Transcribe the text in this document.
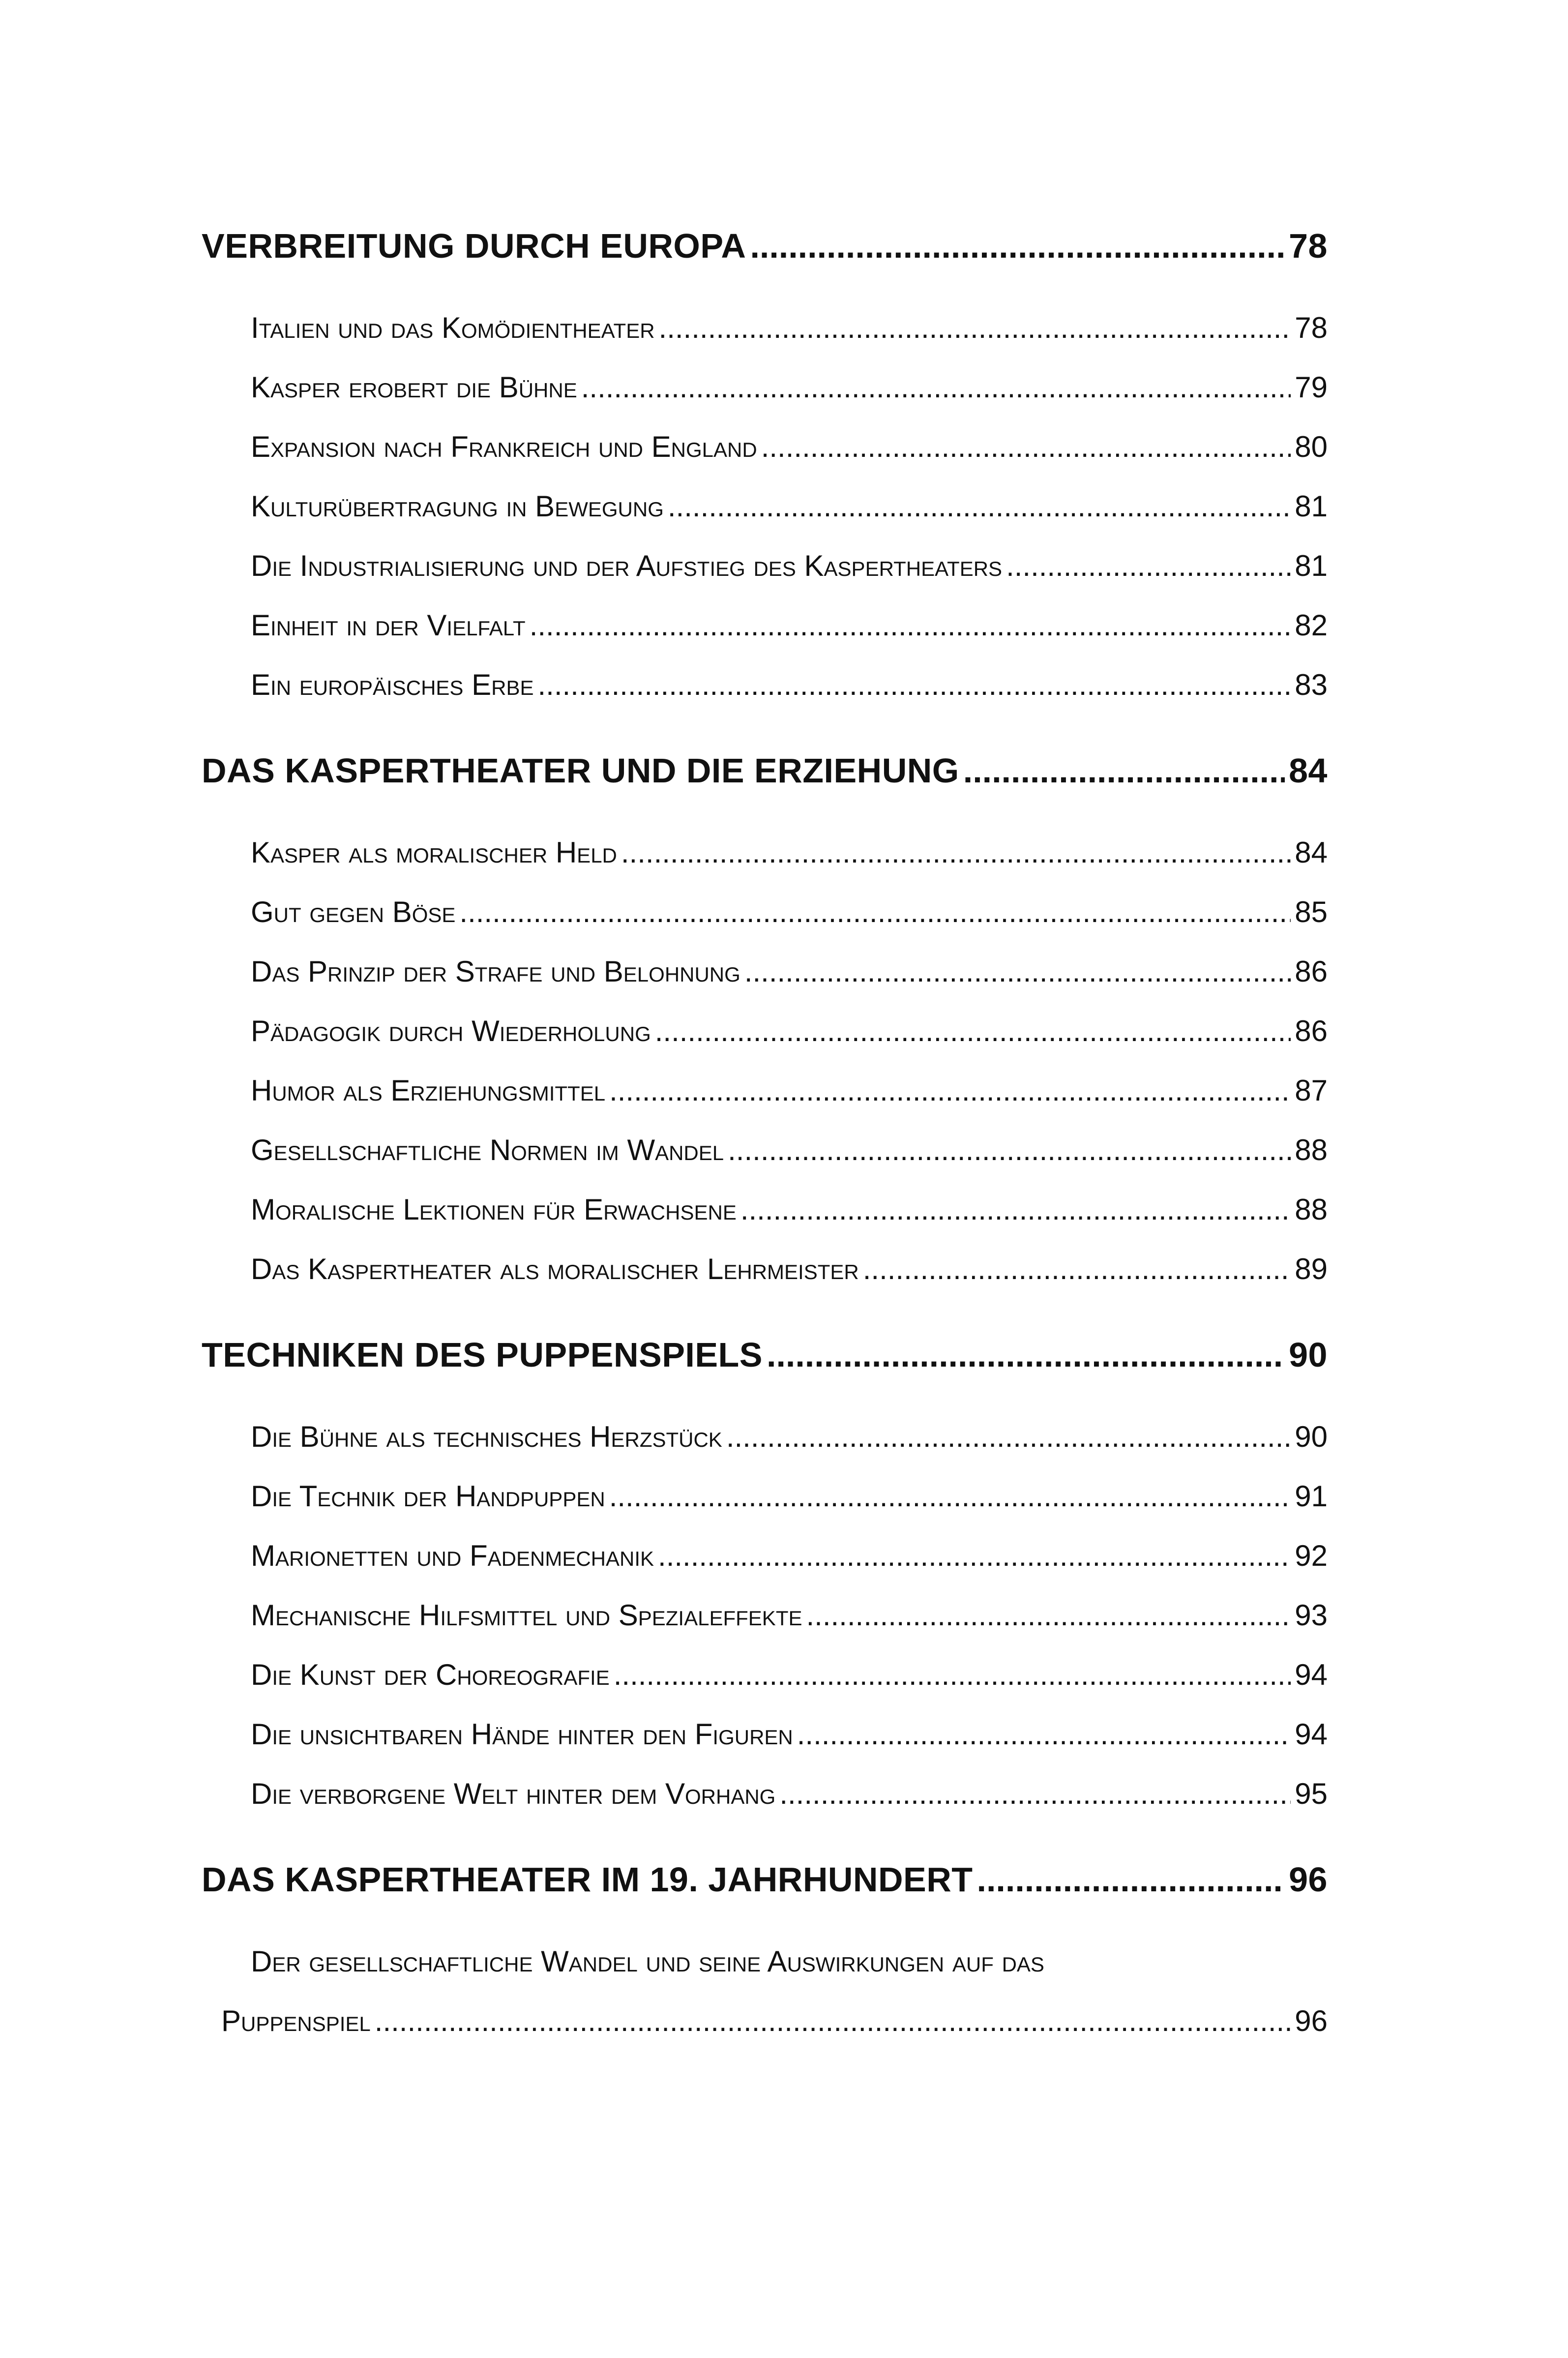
VERBREITUNG DURCH EUROPA .....	78
Italien und das Komödientheater .....	78
Kasper erobert die Bühne .....	79
Expansion nach Frankreich und England .....	80
Kulturübertragung in Bewegung .....	81
Die Industrialisierung und der Aufstieg des Kaspertheaters .....	81
Einheit in der Vielfalt .....	82
Ein europäisches Erbe .....	83
DAS KASPERTHEATER UND DIE ERZIEHUNG .....	84
Kasper als moralischer Held .....	84
Gut gegen Böse .....	85
Das Prinzip der Strafe und Belohnung .....	86
Pädagogik durch Wiederholung .....	86
Humor als Erziehungsmittel .....	87
Gesellschaftliche Normen im Wandel .....	88
Moralische Lektionen für Erwachsene .....	88
Das Kaspertheater als moralischer Lehrmeister .....	89
TECHNIKEN DES PUPPENSPIELS .....	90
Die Bühne als technisches Herzstück .....	90
Die Technik der Handpuppen .....	91
Marionetten und Fadenmechanik .....	92
Mechanische Hilfsmittel und Spezialeffekte .....	93
Die Kunst der Choreografie .....	94
Die unsichtbaren Hände hinter den Figuren .....	94
Die verborgene Welt hinter dem Vorhang .....	95
DAS KASPERTHEATER IM 19. JAHRHUNDERT .....	96
Der gesellschaftliche Wandel und seine Auswirkungen auf das
Puppenspiel .....	96
